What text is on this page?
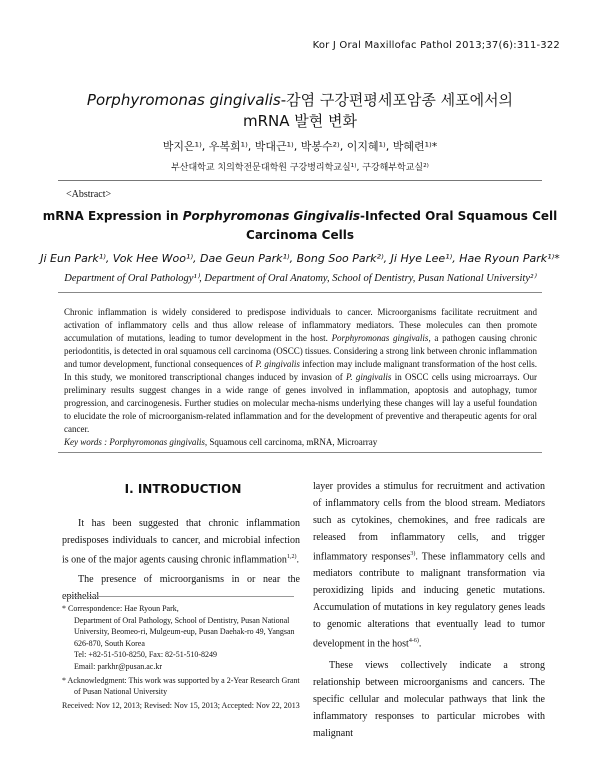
Kor J Oral Maxillofac Pathol 2013;37(6):311-322
Porphyromonas gingivalis-감염 구강편평세포암종 세포에서의
mRNA 발현 변화
박지은¹⁾, 우복희¹⁾, 박대근¹⁾, 박봉수²⁾, 이지혜¹⁾, 박혜련¹⁾*
부산대학교 치의학전문대학원 구강병리학교실¹⁾, 구강해부학교실²⁾
<Abstract>
mRNA Expression in Porphyromonas Gingivalis-Infected Oral Squamous Cell
Carcinoma Cells
Ji Eun Park¹⁾, Vok Hee Woo¹⁾, Dae Geun Park¹⁾, Bong Soo Park²⁾, Ji Hye Lee¹⁾, Hae Ryoun Park¹⁾*
Department of Oral Pathology¹⁾, Department of Oral Anatomy, School of Dentistry, Pusan National University²⁾
Chronic inflammation is widely considered to predispose individuals to cancer. Microorganisms facilitate recruitment and activation of inflammatory cells and thus allow release of inflammatory mediators. These molecules can then promote accumulation of mutations, leading to tumor development in the host. Porphyromonas gingivalis, a pathogen causing chronic periodontitis, is detected in oral squamous cell carcinoma (OSCC) tissues. Considering a strong link between chronic inflammation and tumor development, functional consequences of P. gingivalis infection may include malignant transformation of the host cells. In this study, we monitored transcriptional changes induced by invasion of P. gingivalis in OSCC cells using microarrays. Our preliminary results suggest changes in a wide range of genes involved in inflammation, apoptosis and autophagy, tumor progression, and carcinogenesis. Further studies on molecular mecha-nisms underlying these changes will lay a useful foundation to elucidate the role of microorganism-related inflammation and for the development of preventive and therapeutic agents for oral cancer.
Key words : Porphyromonas gingivalis, Squamous cell carcinoma, mRNA, Microarray
Ⅰ. INTRODUCTION

It has been suggested that chronic inflammation predisposes individuals to cancer, and microbial infection is one of the major agents causing chronic inflammation$^{1,2)}$.

The presence of microorganisms in or near the epithelial

layer provides a stimulus for recruitment and activation of inflammatory cells from the blood stream. Mediators such as cytokines, chemokines, and free radicals are released from inflammatory cells, and trigger inflammatory responses$^{3)}$. These inflammatory cells and mediators contribute to malignant transformation via peroxidizing lipids and inducing genetic mutations. Accumulation of mutations in key regulatory genes leads to genomic alterations that eventually lead to tumor development in the host$^{4-6)}$.

These views collectively indicate a strong relationship between microorganisms and cancers. The specific cellular and molecular pathways that link the inflammatory responses to particular microbes with malignant

* Correspondence: Hae Ryoun Park,
Department of Oral Pathology, School of Dentistry, Pusan National University, Beomeo-ri, Mulgeum-eup, Pusan Daehak-ro 49, Yangsan 626-870, South Korea
Tel: +82-51-510-8250, Fax: 82-51-510-8249
Email: parkhr@pusan.ac.kr
* Acknowledgment: This work was supported by a 2-Year Research Grant of Pusan National University
Received: Nov 12, 2013; Revised: Nov 15, 2013; Accepted: Nov 22, 2013
